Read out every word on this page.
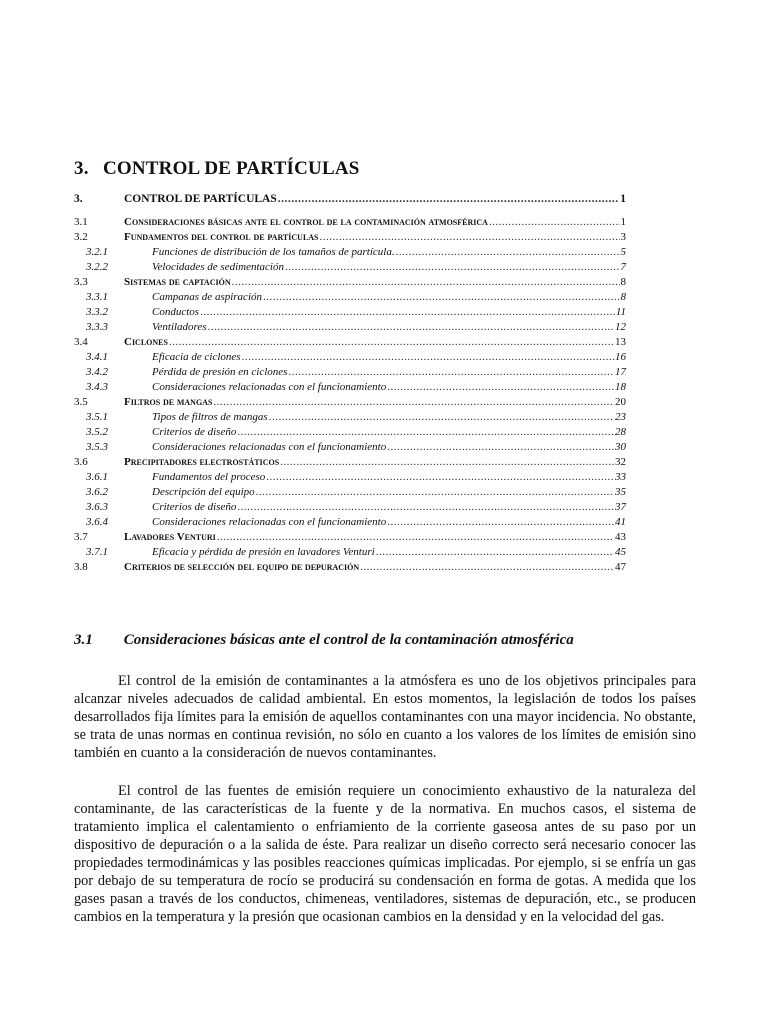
3. CONTROL DE PARTÍCULAS
3.	CONTROL DE PARTÍCULAS .....	1
3.1	Consideraciones básicas ante el control de la contaminación atmosférica .....	1
3.2	Fundamentos del control de partículas .....	3
3.2.1	Funciones de distribución de los tamaños de partícula. .....	5
3.2.2	Velocidades de sedimentación .....	7
3.3	Sistemas de captación .....	8
3.3.1	Campanas de aspiración .....	8
3.3.2	Conductos .....	11
3.3.3	Ventiladores .....	12
3.4	Ciclones .....	13
3.4.1	Eficacia de ciclones .....	16
3.4.2	Pérdida de presión en ciclones .....	17
3.4.3	Consideraciones relacionadas con el funcionamiento .....	18
3.5	Filtros de mangas .....	20
3.5.1	Tipos de filtros de mangas .....	23
3.5.2	Criterios de diseño .....	28
3.5.3	Consideraciones relacionadas con el funcionamiento .....	30
3.6	Precipitadores electrostáticos .....	32
3.6.1	Fundamentos del proceso .....	33
3.6.2	Descripción del equipo .....	35
3.6.3	Criterios de diseño .....	37
3.6.4	Consideraciones relacionadas con el funcionamiento .....	41
3.7	Lavadores Venturi .....	43
3.7.1	Eficacia y pérdida de presión en lavadores Venturi .....	45
3.8	Criterios de selección del equipo de depuración .....	47
3.1 Consideraciones básicas ante el control de la contaminación atmosférica

El control de la emisión de contaminantes a la atmósfera es uno de los objetivos principales para alcanzar niveles adecuados de calidad ambiental. En estos momentos, la legislación de todos los países desarrollados fija límites para la emisión de aquellos contaminantes con una mayor incidencia. No obstante, se trata de unas normas en continua revisión, no sólo en cuanto a los valores de los límites de emisión sino también en cuanto a la consideración de nuevos contaminantes.

El control de las fuentes de emisión requiere un conocimiento exhaustivo de la naturaleza del contaminante, de las características de la fuente y de la normativa. En muchos casos, el sistema de tratamiento implica el calentamiento o enfriamiento de la corriente gaseosa antes de su paso por un dispositivo de depuración o a la salida de éste. Para realizar un diseño correcto será necesario conocer las propiedades termodinámicas y las posibles reacciones químicas implicadas. Por ejemplo, si se enfría un gas por debajo de su temperatura de rocío se producirá su condensación en forma de gotas. A medida que los gases pasan a través de los conductos, chimeneas, ventiladores, sistemas de depuración, etc., se producen cambios en la temperatura y la presión que ocasionan cambios en la densidad y en la velocidad del gas.
